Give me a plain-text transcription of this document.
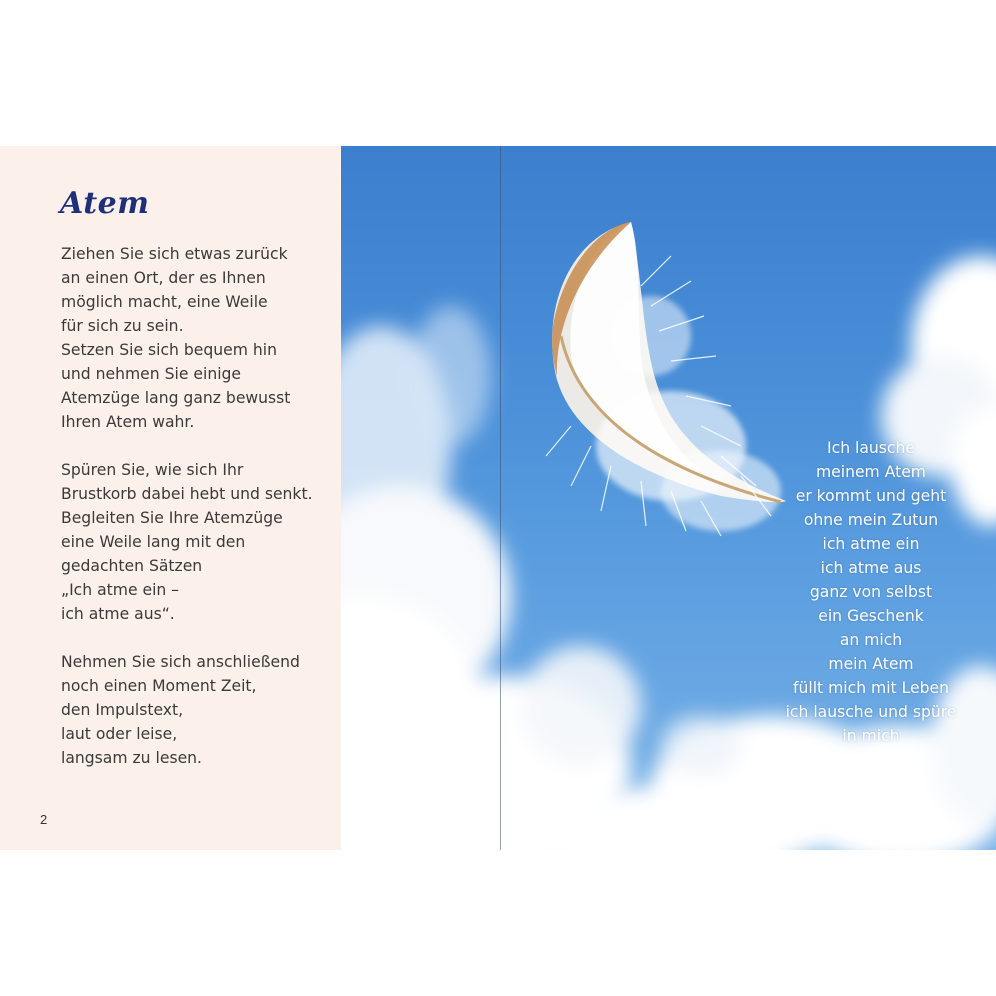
Atem

Ziehen Sie sich etwas zurück
an einen Ort, der es Ihnen
möglich macht, eine Weile
für sich zu sein.
Setzen Sie sich bequem hin
und nehmen Sie einige
Atemzüge lang ganz bewusst
Ihren Atem wahr.

Spüren Sie, wie sich Ihr
Brustkorb dabei hebt und senkt.
Begleiten Sie Ihre Atemzüge
eine Weile lang mit den
gedachten Sätzen
„Ich atme ein –
ich atme aus“.

Nehmen Sie sich anschließend
noch einen Moment Zeit,
den Impulstext,
laut oder leise,
langsam zu lesen.

2
Ich lausche
meinem Atem
er kommt und geht
ohne mein Zutun
ich atme ein
ich atme aus
ganz von selbst
ein Geschenk
an mich
mein Atem
füllt mich mit Leben
ich lausche und spüre
in mich
